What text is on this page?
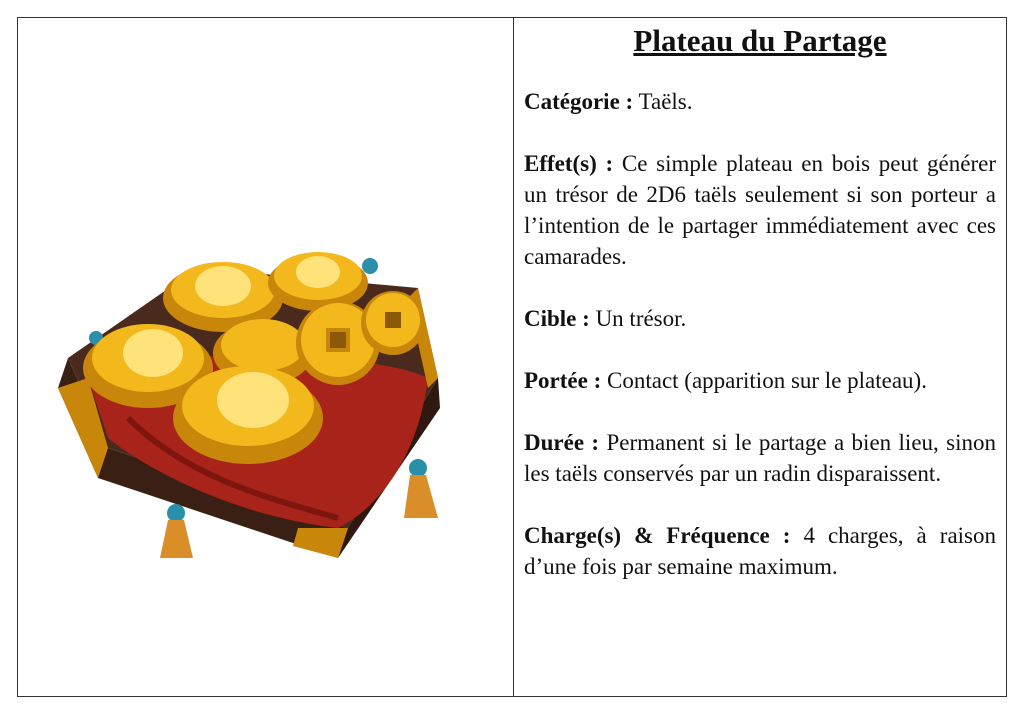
Plateau du Partage
Catégorie : Taëls.
Effet(s) : Ce simple plateau en bois peut générer un trésor de 2D6 taëls seulement si son porteur a l’intention de le partager immédiatement avec ces camarades.
Cible : Un trésor.
Portée : Contact (apparition sur le plateau).
Durée : Permanent si le partage a bien lieu, sinon les taëls conservés par un radin disparaissent.
Charge(s) & Fréquence : 4 charges, à raison d’une fois par semaine maximum.
